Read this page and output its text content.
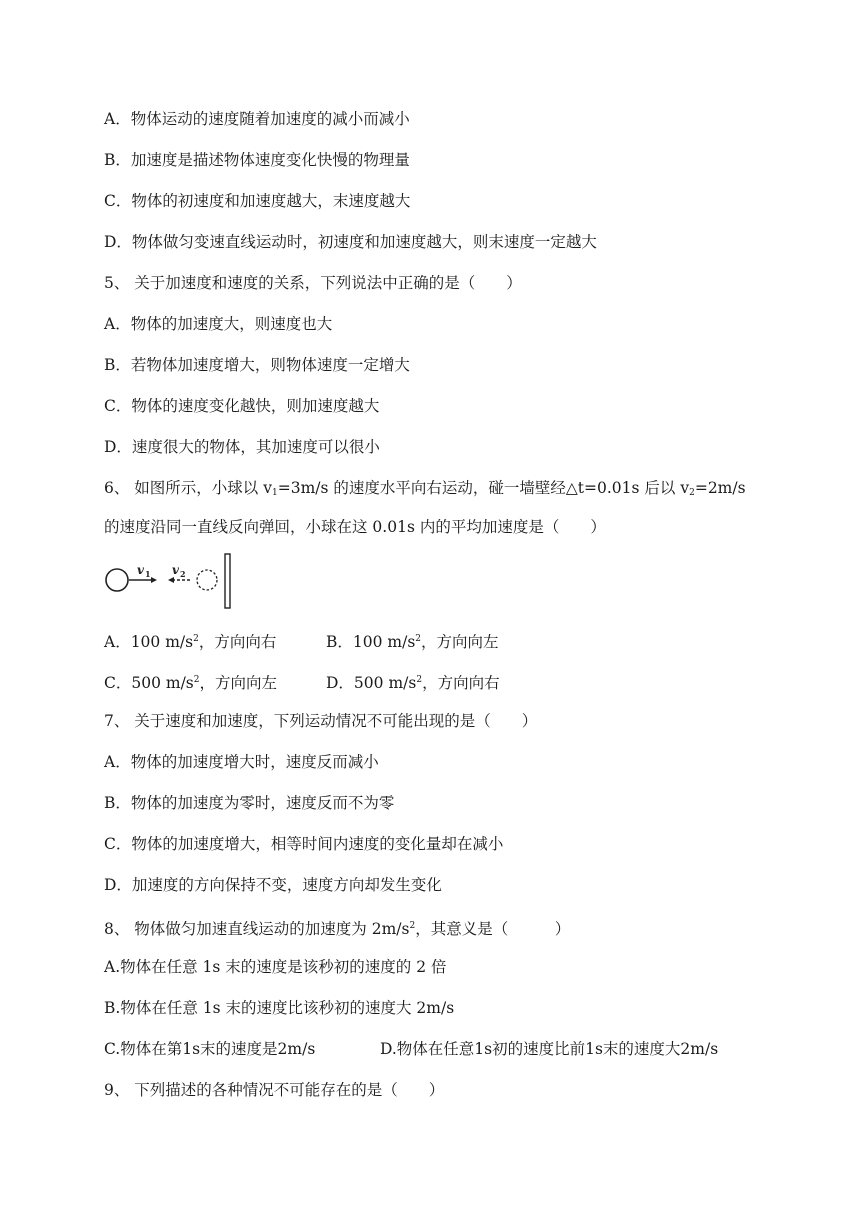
A．物体运动的速度随着加速度的减小而减小
B．加速度是描述物体速度变化快慢的物理量
C．物体的初速度和加速度越大，末速度越大
D．物体做匀变速直线运动时，初速度和加速度越大，则末速度一定越大
5、 关于加速度和速度的关系，下列说法中正确的是（　　）
A．物体的加速度大，则速度也大
B．若物体加速度增大，则物体速度一定增大
C．物体的速度变化越快，则加速度越大
D．速度很大的物体，其加速度可以很小
6、 如图所示，小球以 $v_1=3m/s$ 的速度水平向右运动，碰一墙壁经△t=0.01s 后以 $v_2=2m/s$
的速度沿同一直线反向弹回，小球在这 0.01s 内的平均加速度是（　　）
v 1 v 2
A．100 $m/s^2$，方向向右	B．100 $m/s^2$，方向向左
C．500 $m/s^2$，方向向左	D．500 $m/s^2$，方向向右
7、 关于速度和加速度，下列运动情况不可能出现的是（　　）
A．物体的加速度增大时，速度反而减小
B．物体的加速度为零时，速度反而不为零
C．物体的加速度增大，相等时间内速度的变化量却在减小
D．加速度的方向保持不变，速度方向却发生变化
8、 物体做匀加速直线运动的加速度为 $2m/s^2$，其意义是（　　　）
A.物体在任意 1s 末的速度是该秒初的速度的 2 倍
B.物体在任意 1s 末的速度比该秒初的速度大 2m/s
C.物体在第1s末的速度是2m/s	D.物体在任意1s初的速度比前1s末的速度大2m/s
9、 下列描述的各种情况不可能存在的是（　　）
